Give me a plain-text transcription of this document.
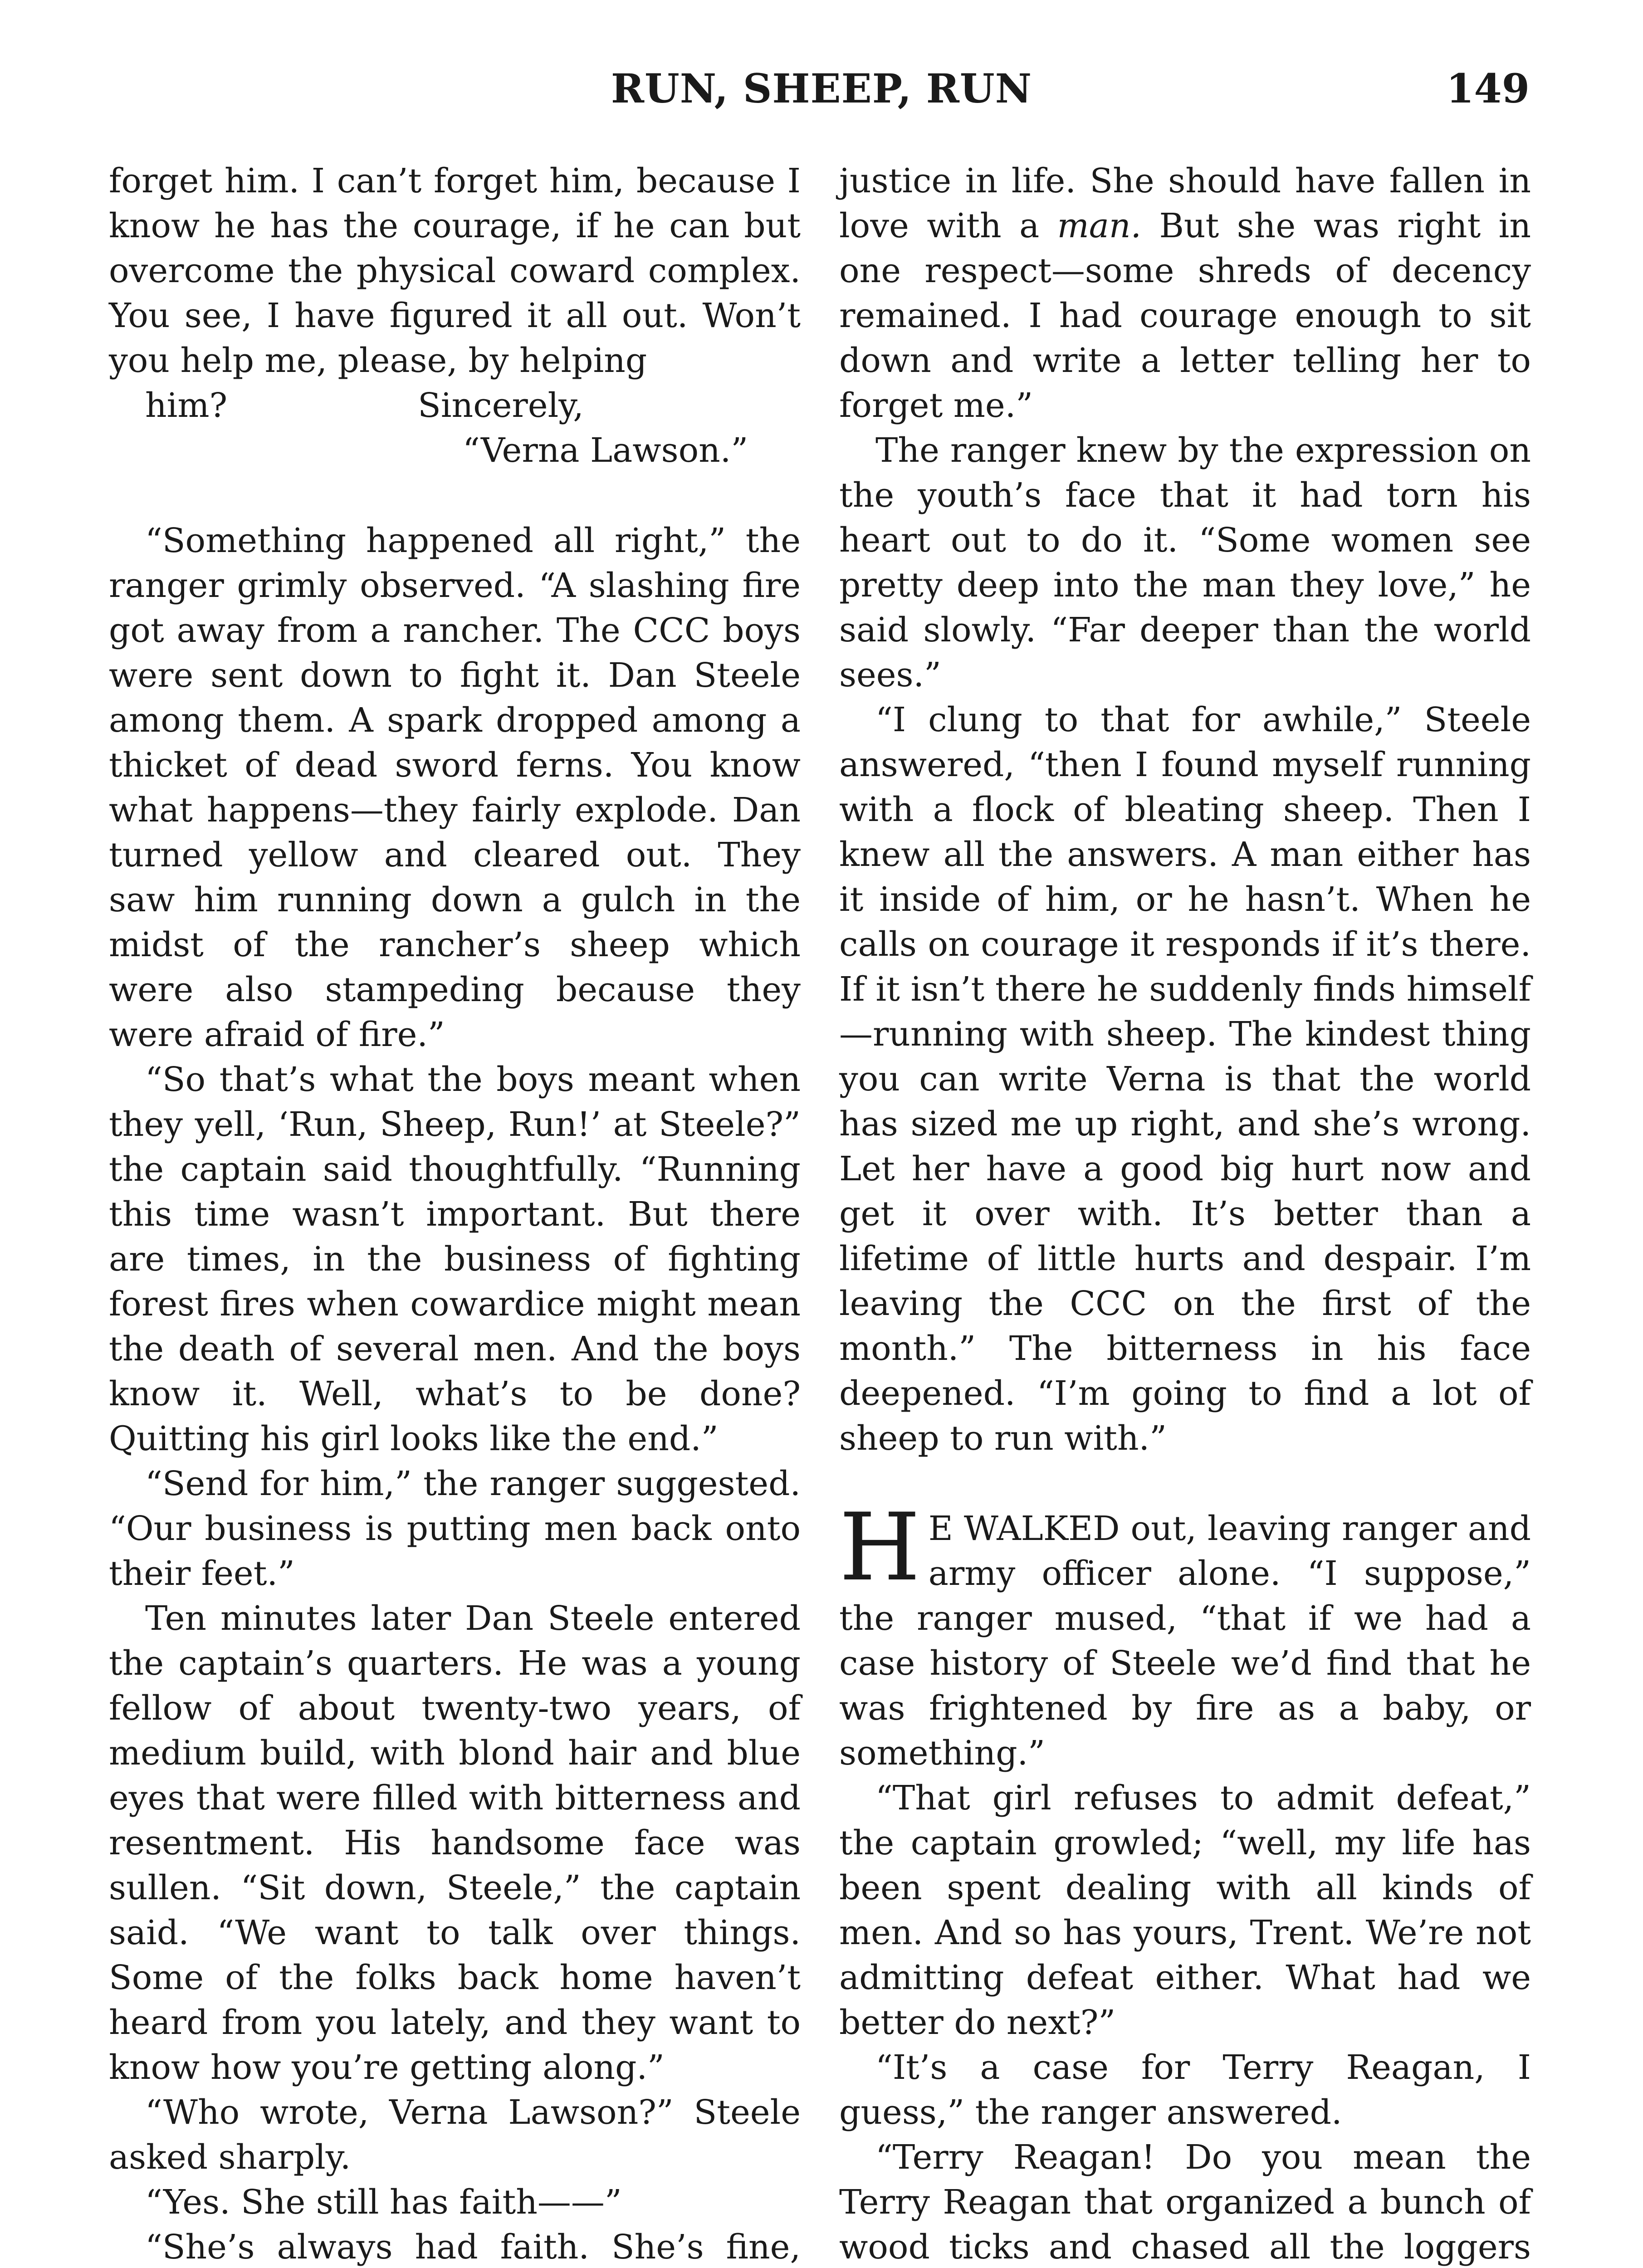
RUN, SHEEP, RUN	149

forget him. I can’t forget him, because I know he has the courage, if he can but overcome the physical coward complex. You see, I have figured it all out. Won’t you help me, please, by helping

him?	Sincerely,

“Verna Lawson.”

“Something happened all right,” the ranger grimly observed. “A slashing fire got away from a rancher. The CCC boys were sent down to fight it. Dan Steele among them. A spark dropped among a thicket of dead sword ferns. You know what happens—they fairly explode. Dan turned yellow and cleared out. They saw him running down a gulch in the midst of the rancher’s sheep which were also stampeding because they were afraid of fire.”

“So that’s what the boys meant when they yell, ‘Run, Sheep, Run!’ at Steele?” the captain said thoughtfully. “Running this time wasn’t important. But there are times, in the business of fighting forest fires when cowardice might mean the death of several men. And the boys know it. Well, what’s to be done? Quitting his girl looks like the end.”

“Send for him,” the ranger suggested. “Our business is putting men back onto their feet.”

Ten minutes later Dan Steele entered the captain’s quarters. He was a young fellow of about twenty-two years, of medium build, with blond hair and blue eyes that were filled with bitterness and resentment. His handsome face was sullen. “Sit down, Steele,” the captain said. “We want to talk over things. Some of the folks back home haven’t heard from you lately, and they want to know how you’re getting along.”

“Who wrote, Verna Lawson?” Steele asked sharply.

“Yes. She still has faith——”

“She’s always had faith. She’s fine,

justice in life. She should have fallen in love with a man. But she was right in one respect—some shreds of decency remained. I had courage enough to sit down and write a letter telling her to forget me.”

The ranger knew by the expression on the youth’s face that it had torn his heart out to do it. “Some women see pretty deep into the man they love,” he said slowly. “Far deeper than the world sees.”

“I clung to that for awhile,” Steele answered, “then I found myself running with a flock of bleating sheep. Then I knew all the answers. A man either has it inside of him, or he hasn’t. When he calls on courage it responds if it’s there. If it isn’t there he suddenly finds himself —running with sheep. The kindest thing you can write Verna is that the world has sized me up right, and she’s wrong. Let her have a good big hurt now and get it over with. It’s better than a lifetime of little hurts and despair. I’m leaving the CCC on the first of the month.” The bitterness in his face deepened. “I’m going to find a lot of sheep to run with.”

H E WALKED out, leaving ranger and army officer alone. “I suppose,” the ranger mused, “that if we had a case history of Steele we’d find that he was frightened by fire as a baby, or something.”

“That girl refuses to admit defeat,” the captain growled; “well, my life has been spent dealing with all kinds of men. And so has yours, Trent. We’re not admitting defeat either. What had we better do next?”

“It’s a case for Terry Reagan, I guess,” the ranger answered.

“Terry Reagan! Do you mean the Terry Reagan that organized a bunch of wood ticks and chased all the loggers
